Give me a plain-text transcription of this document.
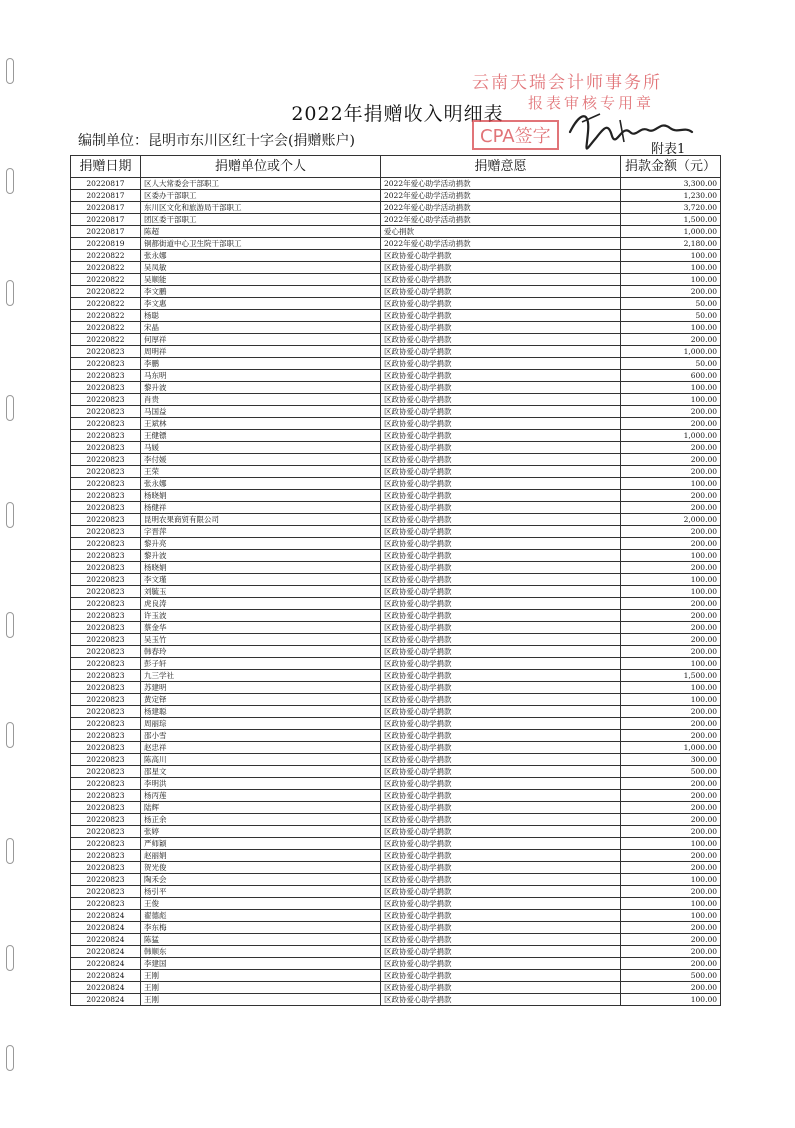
2022年捐赠收入明细表
编制单位：昆明市东川区红十字会(捐赠账户)
附表1
云南天瑞会计师事务所
报表审核专用章
CPA签字
捐赠日期	捐赠单位或个人	捐赠意愿	捐款金额（元）
20220817	区人大常委会干部职工	2022年爱心助学活动捐款	3,300.00
20220817	区委办干部职工	2022年爱心助学活动捐款	1,230.00
20220817	东川区文化和旅游局干部职工	2022年爱心助学活动捐款	3,720.00
20220817	团区委干部职工	2022年爱心助学活动捐款	1,500.00
20220817	陈超	爱心捐款	1,000.00
20220819	铜都街道中心卫生院干部职工	2022年爱心助学活动捐款	2,180.00
20220822	张永娜	区政协爱心助学捐款	100.00
20220822	吴凤敏	区政协爱心助学捐款	100.00
20220822	吴顺能	区政协爱心助学捐款	100.00
20220822	李文鹏	区政协爱心助学捐款	200.00
20220822	李文惠	区政协爱心助学捐款	50.00
20220822	杨聪	区政协爱心助学捐款	50.00
20220822	宋晶	区政协爱心助学捐款	100.00
20220822	何厚祥	区政协爱心助学捐款	200.00
20220823	周明祥	区政协爱心助学捐款	1,000.00
20220823	李鹏	区政协爱心助学捐款	50.00
20220823	马东明	区政协爱心助学捐款	600.00
20220823	黎升波	区政协爱心助学捐款	100.00
20220823	肖贵	区政协爱心助学捐款	100.00
20220823	马国益	区政协爱心助学捐款	200.00
20220823	王斌林	区政协爱心助学捐款	200.00
20220823	王健镖	区政协爱心助学捐款	1,000.00
20220823	马媛	区政协爱心助学捐款	200.00
20220823	李付媛	区政协爱心助学捐款	200.00
20220823	王荣	区政协爱心助学捐款	200.00
20220823	张永娜	区政协爱心助学捐款	100.00
20220823	杨晓娟	区政协爱心助学捐款	200.00
20220823	杨健祥	区政协爱心助学捐款	200.00
20220823	昆明农果商贸有限公司	区政协爱心助学捐款	2,000.00
20220823	字晋萍	区政协爱心助学捐款	200.00
20220823	黎升亮	区政协爱心助学捐款	200.00
20220823	黎升波	区政协爱心助学捐款	100.00
20220823	杨晓娟	区政协爱心助学捐款	200.00
20220823	李文瑾	区政协爱心助学捐款	100.00
20220823	刘毓玉	区政协爱心助学捐款	100.00
20220823	虎良涛	区政协爱心助学捐款	200.00
20220823	许玉波	区政协爱心助学捐款	200.00
20220823	蔡金华	区政协爱心助学捐款	200.00
20220823	吴玉竹	区政协爱心助学捐款	200.00
20220823	韩春玲	区政协爱心助学捐款	200.00
20220823	彭子轩	区政协爱心助学捐款	100.00
20220823	九三学社	区政协爱心助学捐款	1,500.00
20220823	苏建明	区政协爱心助学捐款	100.00
20220823	黄定铎	区政协爱心助学捐款	100.00
20220823	杨建聪	区政协爱心助学捐款	200.00
20220823	周丽琮	区政协爱心助学捐款	200.00
20220823	邵小雪	区政协爱心助学捐款	200.00
20220823	赵忠祥	区政协爱心助学捐款	1,000.00
20220823	陈高川	区政协爱心助学捐款	300.00
20220823	邵星文	区政协爱心助学捐款	500.00
20220823	李明洪	区政协爱心助学捐款	200.00
20220823	杨丙莲	区政协爱心助学捐款	200.00
20220823	陆辉	区政协爱心助学捐款	200.00
20220823	杨正余	区政协爱心助学捐款	200.00
20220823	张婷	区政协爱心助学捐款	200.00
20220823	严师颖	区政协爱心助学捐款	100.00
20220823	赵丽娟	区政协爱心助学捐款	200.00
20220823	贺光俊	区政协爱心助学捐款	200.00
20220823	陶禾会	区政协爱心助学捐款	100.00
20220823	杨引平	区政协爱心助学捐款	200.00
20220823	王俊	区政协爱心助学捐款	100.00
20220824	翟德彪	区政协爱心助学捐款	100.00
20220824	李东梅	区政协爱心助学捐款	200.00
20220824	陈猛	区政协爱心助学捐款	200.00
20220824	韩顺东	区政协爱心助学捐款	200.00
20220824	李建国	区政协爱心助学捐款	200.00
20220824	王刚	区政协爱心助学捐款	500.00
20220824	王刚	区政协爱心助学捐款	200.00
20220824	王刚	区政协爱心助学捐款	100.00
